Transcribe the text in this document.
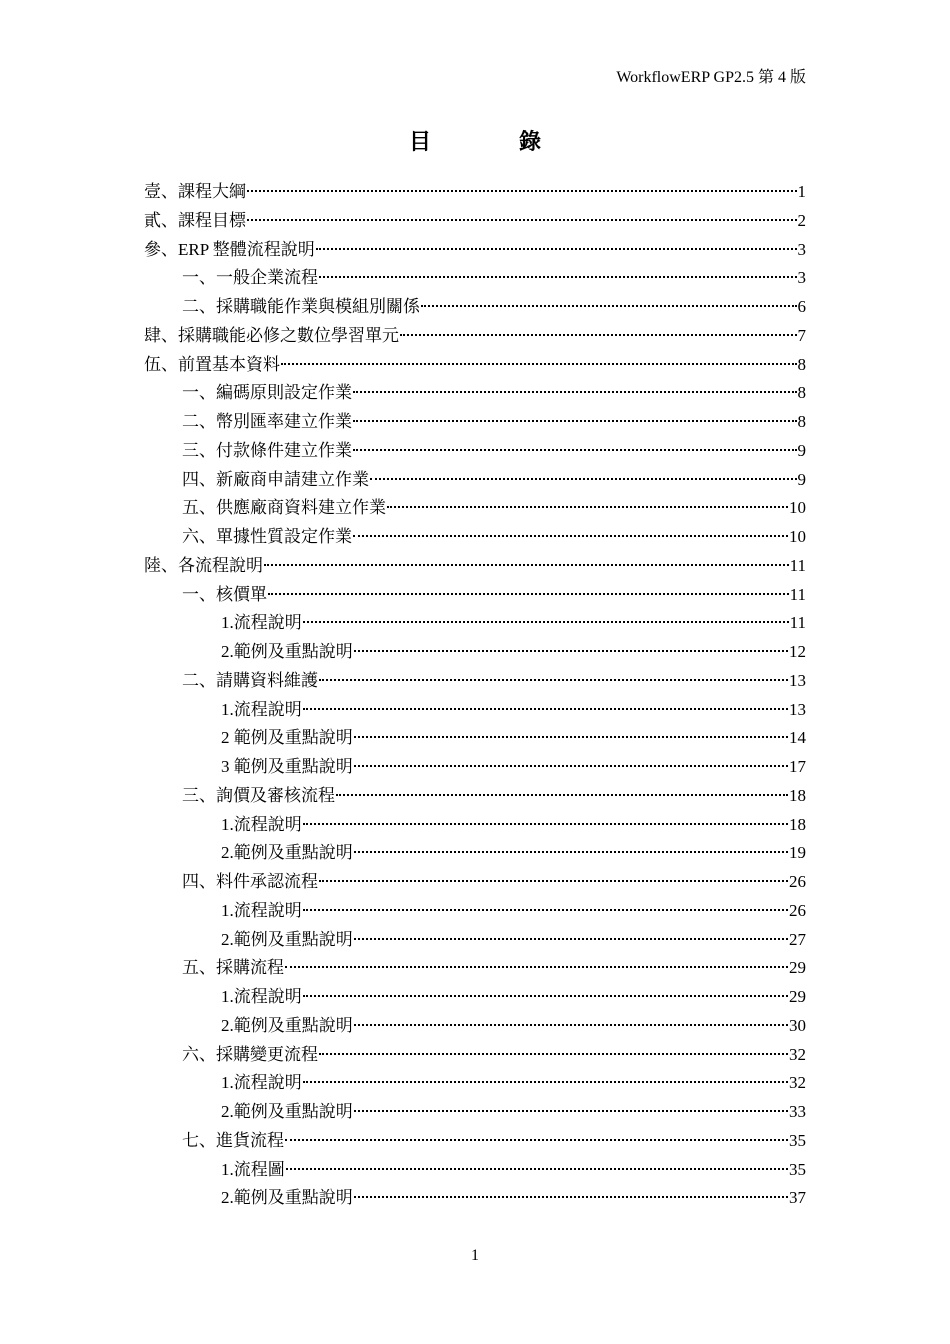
WorkflowERP GP2.5 第 4 版
目錄
壹、課程大綱	1
貳、課程目標	2
參、ERP 整體流程說明	3
一、一般企業流程	3
二、採購職能作業與模組別關係	6
肆、採購職能必修之數位學習單元	7
伍、前置基本資料	8
一、編碼原則設定作業	8
二、幣別匯率建立作業	8
三、付款條件建立作業	9
四、新廠商申請建立作業	9
五、供應廠商資料建立作業	10
六、單據性質設定作業	10
陸、各流程說明	11
一、核價單	11
1.流程說明	11
2.範例及重點說明	12
二、請購資料維護	13
1.流程說明	13
2 範例及重點說明	14
3 範例及重點說明	17
三、詢價及審核流程	18
1.流程說明	18
2.範例及重點說明	19
四、料件承認流程	26
1.流程說明	26
2.範例及重點說明	27
五、採購流程	29
1.流程說明	29
2.範例及重點說明	30
六、採購變更流程	32
1.流程說明	32
2.範例及重點說明	33
七、進貨流程	35
1.流程圖	35
2.範例及重點說明	37
1
